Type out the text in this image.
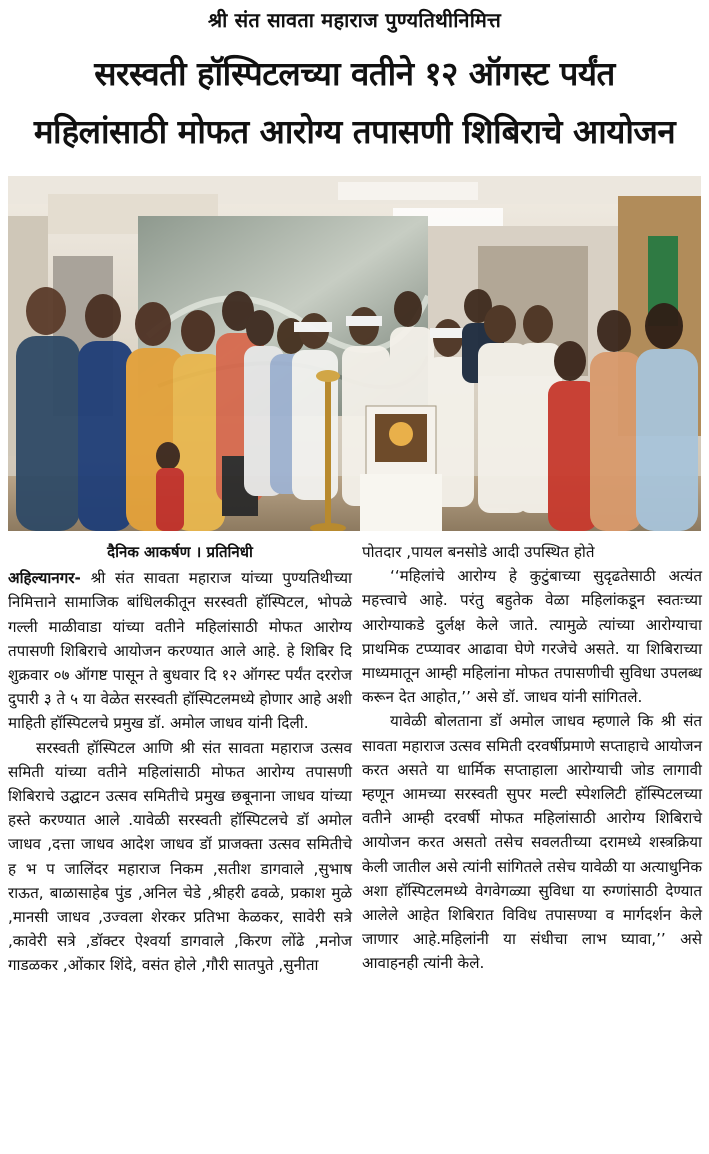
श्री संत सावता महाराज पुण्यतिथीनिमित्त
सरस्वती हॉस्पिटलच्या वतीने १२ ऑगस्ट पर्यंत
महिलांसाठी मोफत आरोग्य तपासणी शिबिराचे आयोजन
दैनिक आकर्षण । प्रतिनिधी

अहिल्यानगर- श्री संत सावता महाराज यांच्या पुण्यतिथीच्या निमित्ताने सामाजिक बांधिलकीतून सरस्वती हॉस्पिटल, भोपळे गल्ली माळीवाडा यांच्या वतीने महिलांसाठी मोफत आरोग्य तपासणी शिबिराचे आयोजन करण्यात आले आहे. हे शिबिर दि शुक्रवार ०७ ऑगष्ट पासून ते बुधवार दि १२ ऑगस्ट पर्यंत दररोज दुपारी ३ ते ५ या वेळेत सरस्वती हॉस्पिटलमध्ये होणार आहे अशी माहिती हॉस्पिटलचे प्रमुख डॉ. अमोल जाधव यांनी दिली.

सरस्वती हॉस्पिटल आणि श्री संत सावता महाराज उत्सव समिती यांच्या वतीने महिलांसाठी मोफत आरोग्य तपासणी शिबिराचे उद्घाटन उत्सव समितीचे प्रमुख छबूनाना जाधव यांच्या हस्ते करण्यात आले .यावेळी सरस्वती हॉस्पिटलचे डॉ अमोल जाधव ,दत्ता जाधव आदेश जाधव डॉ प्राजक्ता उत्सव समितीचे ह भ प जालिंदर महाराज निकम ,सतीश डागवाले ,सुभाष राऊत, बाळासाहेब पुंड ,अनिल चेडे ,श्रीहरी ढवळे, प्रकाश मुळे ,मानसी जाधव ,उज्वला शेरकर प्रतिभा केळकर, सावेरी सत्रे ,कावेरी सत्रे ,डॉक्टर ऐश्वर्या डागवाले ,किरण लोंढे ,मनोज गाडळकर ,ओंकार शिंदे, वसंत होले ,गौरी सातपुते ,सुनीता

पोतदार ,पायल बनसोडे आदी उपस्थित होते

‘‘महिलांचे आरोग्य हे कुटुंबाच्या सुदृढतेसाठी अत्यंत महत्त्वाचे आहे. परंतु बहुतेक वेळा महिलांकडून स्वतःच्या आरोग्याकडे दुर्लक्ष केले जाते. त्यामुळे त्यांच्या आरोग्याचा प्राथमिक टप्प्यावर आढावा घेणे गरजेचे असते. या शिबिराच्या माध्यमातून आम्ही महिलांना मोफत तपासणीची सुविधा उपलब्ध करून देत आहोत,’’ असे डॉ. जाधव यांनी सांगितले.

यावेळी बोलताना डॉ अमोल जाधव म्हणाले कि श्री संत सावता महाराज उत्सव समिती दरवर्षीप्रमाणे सप्ताहाचे आयोजन करत असते या धार्मिक सप्ताहाला आरोग्याची जोड लागावी म्हणून आमच्या सरस्वती सुपर मल्टी स्पेशलिटी हॉस्पिटलच्या वतीने आम्ही दरवर्षी मोफत महिलांसाठी आरोग्य शिबिराचे आयोजन करत असतो तसेच सवलतीच्या दरामध्ये शस्त्रक्रिया केली जातील असे त्यांनी सांगितले तसेच यावेळी या अत्याधुनिक अशा हॉस्पिटलमध्ये वेगवेगळ्या सुविधा या रुग्णांसाठी देण्यात आलेले आहेत शिबिरात विविध तपासण्या व मार्गदर्शन केले जाणार आहे.महिलांनी या संधीचा लाभ घ्यावा,’’ असे आवाहनही त्यांनी केले.
